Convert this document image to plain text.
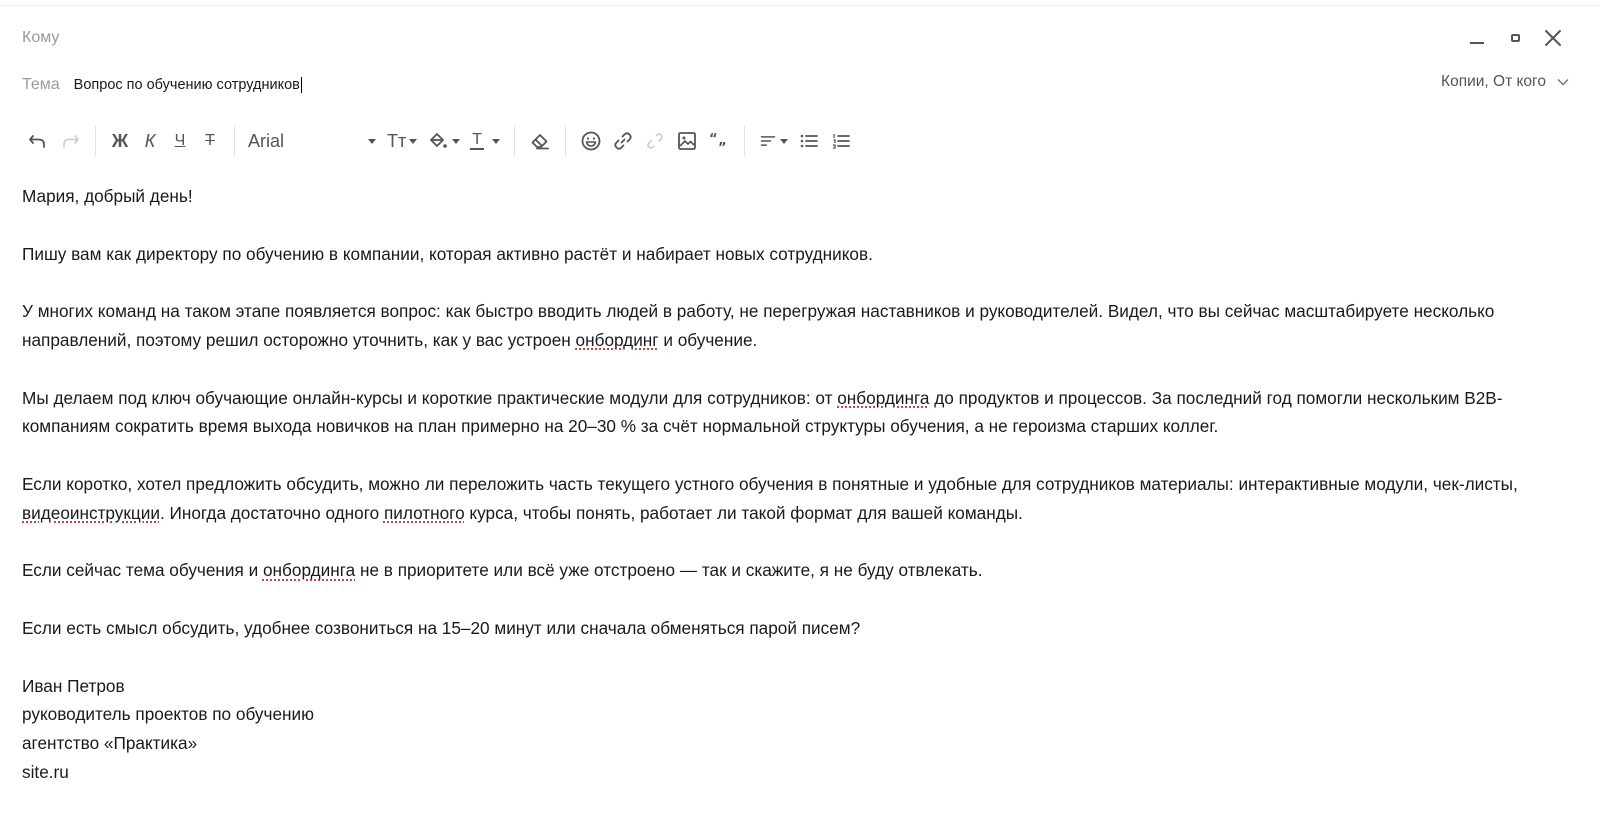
Кому
Тема Вопрос по обучению сотрудников	Копии, От кого
Ж К	Ч	Т	Arial	Тт	Т	“
”
Мария, добрый день!
Пишу вам как директору по обучению в компании, которая активно растёт и набирает новых сотрудников.
У многих команд на таком этапе появляется вопрос: как быстро вводить людей в работу, не перегружая наставников и руководителей. Видел, что вы сейчас масштабируете несколько направлений, поэтому решил осторожно уточнить, как у вас устроен онбординг и обучение.
Мы делаем под ключ обучающие онлайн-курсы и короткие практические модули для сотрудников: от онбординга до продуктов и процессов. За последний год помогли нескольким B2B-компаниям сократить время выхода новичков на план примерно на 20–30 % за счёт нормальной структуры обучения, а не героизма старших коллег.
Если коротко, хотел предложить обсудить, можно ли переложить часть текущего устного обучения в понятные и удобные для сотрудников материалы: интерактивные модули, чек-листы, видеоинструкции. Иногда достаточно одного пилотного курса, чтобы понять, работает ли такой формат для вашей команды.
Если сейчас тема обучения и онбординга не в приоритете или всё уже отстроено — так и скажите, я не буду отвлекать.
Если есть смысл обсудить, удобнее созвониться на 15–20 минут или сначала обменяться парой писем?
Иван Петров
руководитель проектов по обучению
агентство «Практика»
site.ru
